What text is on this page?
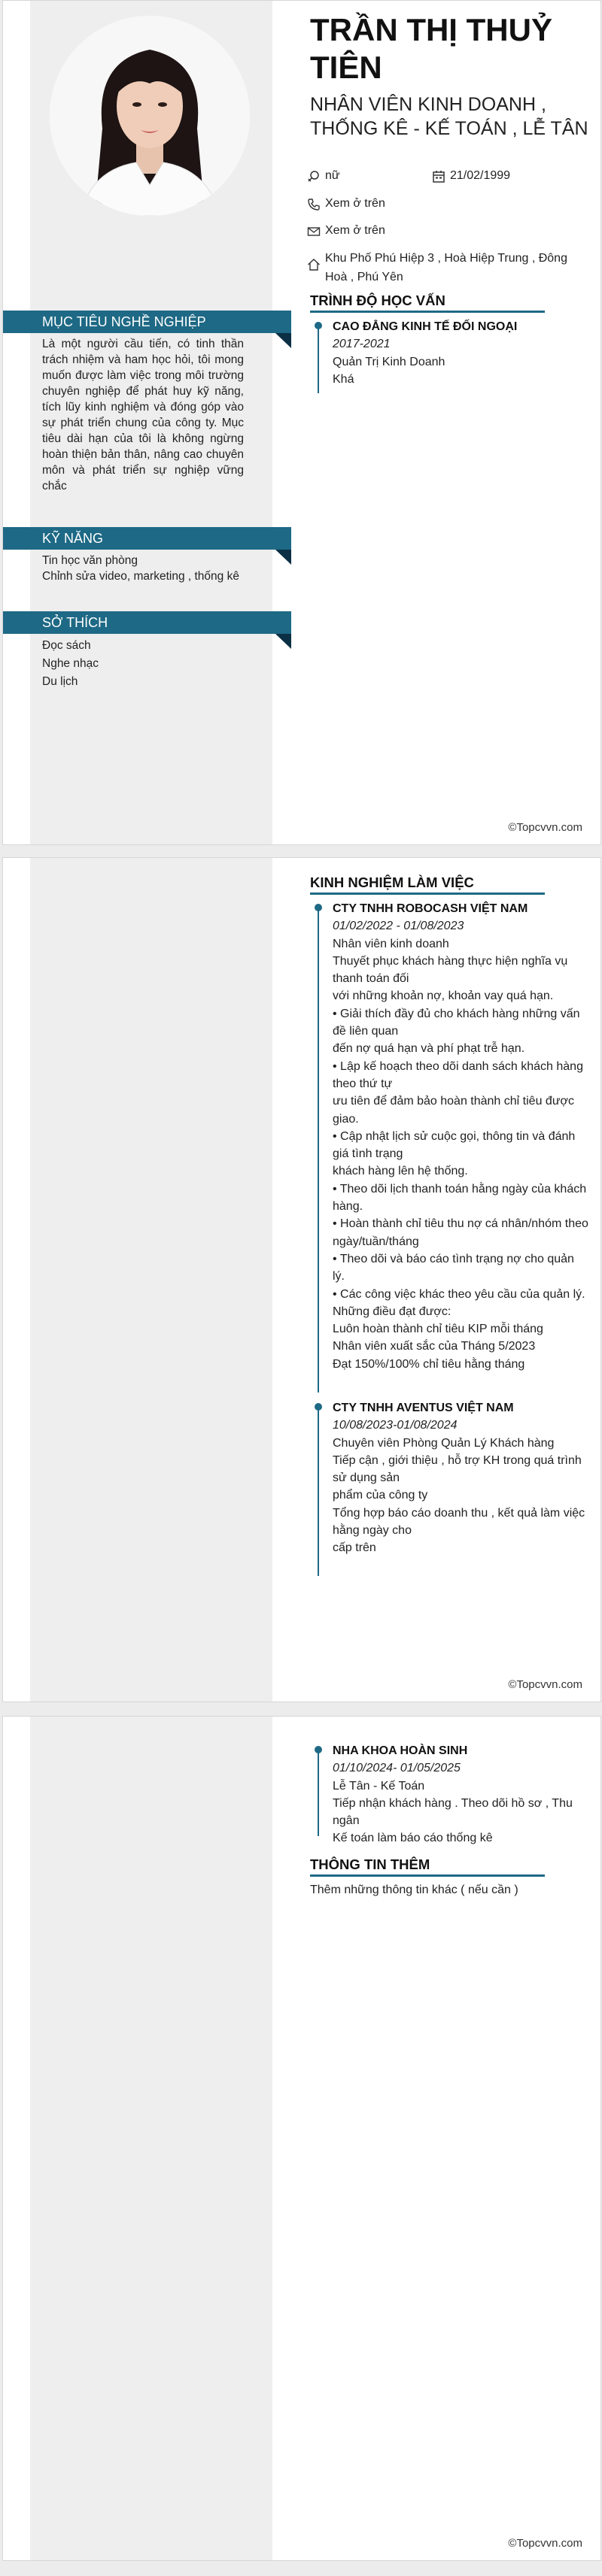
TRẦN THỊ THUỶ TIÊN
NHÂN VIÊN KINH DOANH , THỐNG KÊ - KẾ TOÁN , LỄ TÂN
nữ	21/02/1999
Xem ở trên
Xem ở trên
Khu Phố Phú Hiệp 3 , Hoà Hiệp Trung , Đông Hoà , Phú Yên
MỤC TIÊU NGHỀ NGHIỆP
Là một người cầu tiến, có tinh thần trách nhiệm và ham học hỏi, tôi mong muốn được làm việc trong môi trường chuyên nghiệp để phát huy kỹ năng, tích lũy kinh nghiệm và đóng góp vào sự phát triển chung của công ty. Mục tiêu dài hạn của tôi là không ngừng hoàn thiện bản thân, nâng cao chuyên môn và phát triển sự nghiệp vững chắc
KỸ NĂNG
Tin học văn phòng
Chỉnh sửa video, marketing , thống kê
SỞ THÍCH
Đọc sách
Nghe nhạc
Du lịch
TRÌNH ĐỘ HỌC VẤN
CAO ĐẲNG KINH TẾ ĐỐI NGOẠI
2017-2021
Quản Trị Kinh Doanh
Khá
©Topcvvn.com
KINH NGHIỆM LÀM VIỆC
CTY TNHH ROBOCASH VIỆT NAM
01/02/2022 - 01/08/2023
Nhân viên kinh doanh
Thuyết phục khách hàng thực hiện nghĩa vụ thanh toán đối
với những khoản nợ, khoản vay quá hạn.
• Giải thích đầy đủ cho khách hàng những vấn đề liên quan
đến nợ quá hạn và phí phạt trễ hạn.
• Lập kế hoạch theo dõi danh sách khách hàng theo thứ tự
ưu tiên để đảm bảo hoàn thành chỉ tiêu được giao.
• Cập nhật lịch sử cuộc gọi, thông tin và đánh giá tình trạng
khách hàng lên hệ thống.
• Theo dõi lịch thanh toán hằng ngày của khách hàng.
• Hoàn thành chỉ tiêu thu nợ cá nhân/nhóm theo
ngày/tuần/tháng
• Theo dõi và báo cáo tình trạng nợ cho quản lý.
• Các công việc khác theo yêu cầu của quản lý.
Những điều đạt được:
Luôn hoàn thành chỉ tiêu KIP mỗi tháng
Nhân viên xuất sắc của Tháng 5/2023
Đạt 150%/100% chỉ tiêu hằng tháng
CTY TNHH AVENTUS VIỆT NAM
10/08/2023-01/08/2024
Chuyên viên Phòng Quản Lý Khách hàng
Tiếp cận , giới thiệu , hỗ trợ KH trong quá trình sử dụng sản
phẩm của công ty
Tổng hợp báo cáo doanh thu , kết quả làm việc hằng ngày cho
cấp trên
©Topcvvn.com
NHA KHOA HOÀN SINH
01/10/2024- 01/05/2025
Lễ Tân - Kế Toán
Tiếp nhận khách hàng . Theo dõi hồ sơ , Thu ngân
Kế toán làm báo cáo thống kê
THÔNG TIN THÊM
Thêm những thông tin khác ( nếu cần )
©Topcvvn.com
